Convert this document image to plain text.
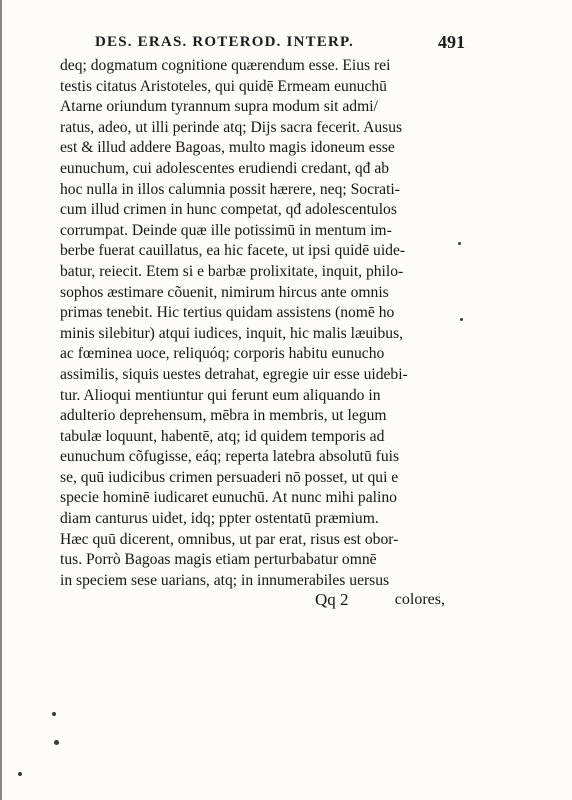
DES. ERAS. ROTEROD. INTERP.	491
deq; dogmatum cognitione quærendum esse. Eius rei
testis citatus Aristoteles, qui quidē Ermeam eunuchū
Atarne oriundum tyrannum supra modum sit admi/
ratus, adeo, ut illi perinde atq; Dijs sacra fecerit. Ausus
est & illud addere Bagoas, multo magis idoneum esse
eunuchum, cui adolescentes erudiendi credant, qđ ab
hoc nulla in illos calumnia possit hærere, neq; Socrati-
cum illud crimen in hunc competat, qđ adolescentulos
corrumpat. Deinde quæ ille potissimū in mentum im-
berbe fuerat cauillatus, ea hic facete, ut ipsi quidē uide-
batur, reiecit. Etem si e barbæ prolixitate, inquit, philo-
sophos æstimare cõuenit, nimirum hircus ante omnis
primas tenebit. Hic tertius quidam assistens (nomē ho
minis silebitur) atqui iudices, inquit, hic malis læuibus,
ac fœminea uoce, reliquóq; corporis habitu eunucho
assimilis, siquis uestes detrahat, egregie uir esse uidebi-
tur. Alioqui mentiuntur qui ferunt eum aliquando in
adulterio deprehensum, mēbra in membris, ut legum
tabulæ loquunt, habentē, atq; id quidem temporis ad
eunuchum cõfugisse, eáq; reperta latebra absolutū fuis
se, quū iudicibus crimen persuaderi nō posset, ut qui e
specie hominē iudicaret eunuchū. At nunc mihi palino
diam canturus uidet, idq; ppter ostentatū præmium.
Hæc quū dicerent, omnibus, ut par erat, risus est obor-
tus. Porrò Bagoas magis etiam perturbabatur omnē
in speciem sese uarians, atq; in innumerabiles uersus
Qq 2	colores,
